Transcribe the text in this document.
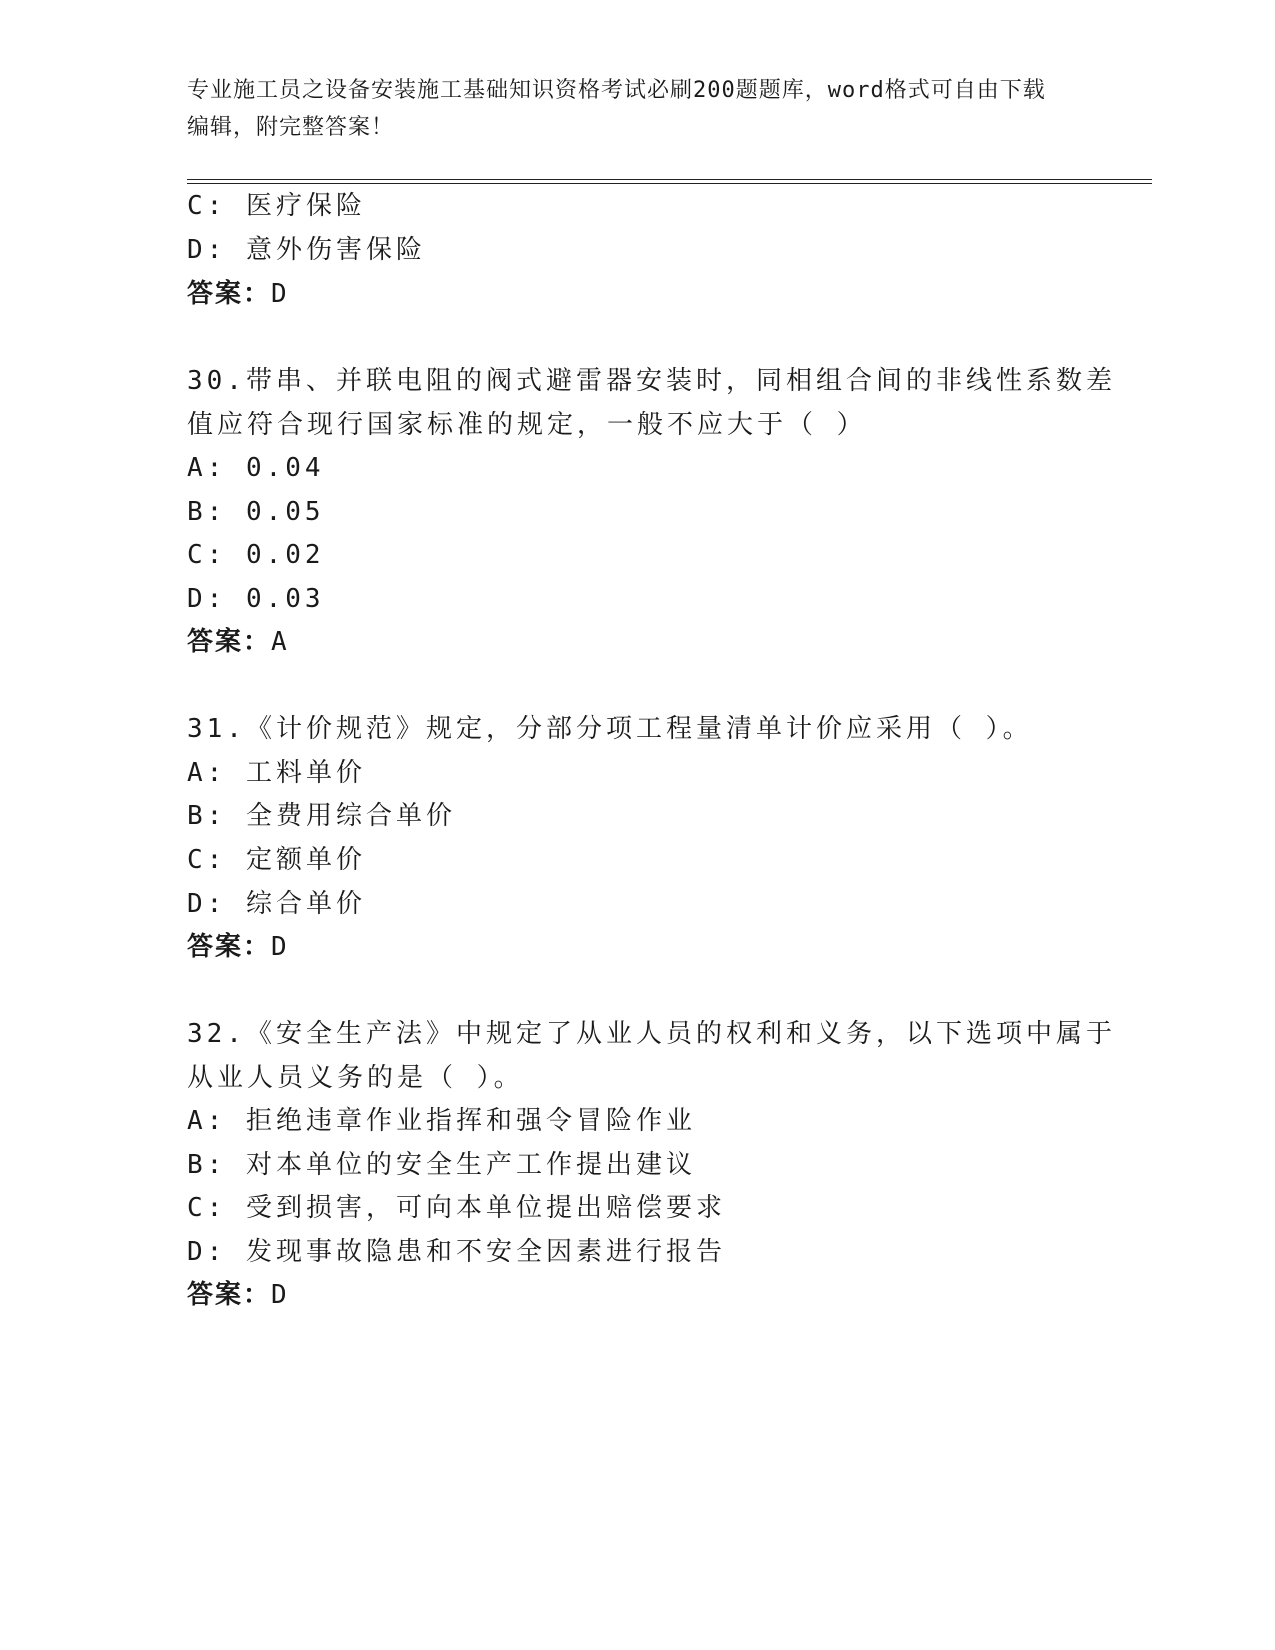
专业施工员之设备安装施工基础知识资格考试必刷200题题库，word格式可自由下载编辑，附完整答案！
C: 医疗保险
D: 意外伤害保险
答案：D
30.带串、并联电阻的阀式避雷器安装时，同相组合间的非线性系数差
值应符合现行国家标准的规定，一般不应大于（ ）
A: 0.04
B: 0.05
C: 0.02
D: 0.03
答案：A
31.《计价规范》规定，分部分项工程量清单计价应采用（ ）。
A: 工料单价
B: 全费用综合单价
C: 定额单价
D: 综合单价
答案：D
32.《安全生产法》中规定了从业人员的权利和义务，以下选项中属于
从业人员义务的是（ ）。
A: 拒绝违章作业指挥和强令冒险作业
B: 对本单位的安全生产工作提出建议
C: 受到损害，可向本单位提出赔偿要求
D: 发现事故隐患和不安全因素进行报告
答案：D
